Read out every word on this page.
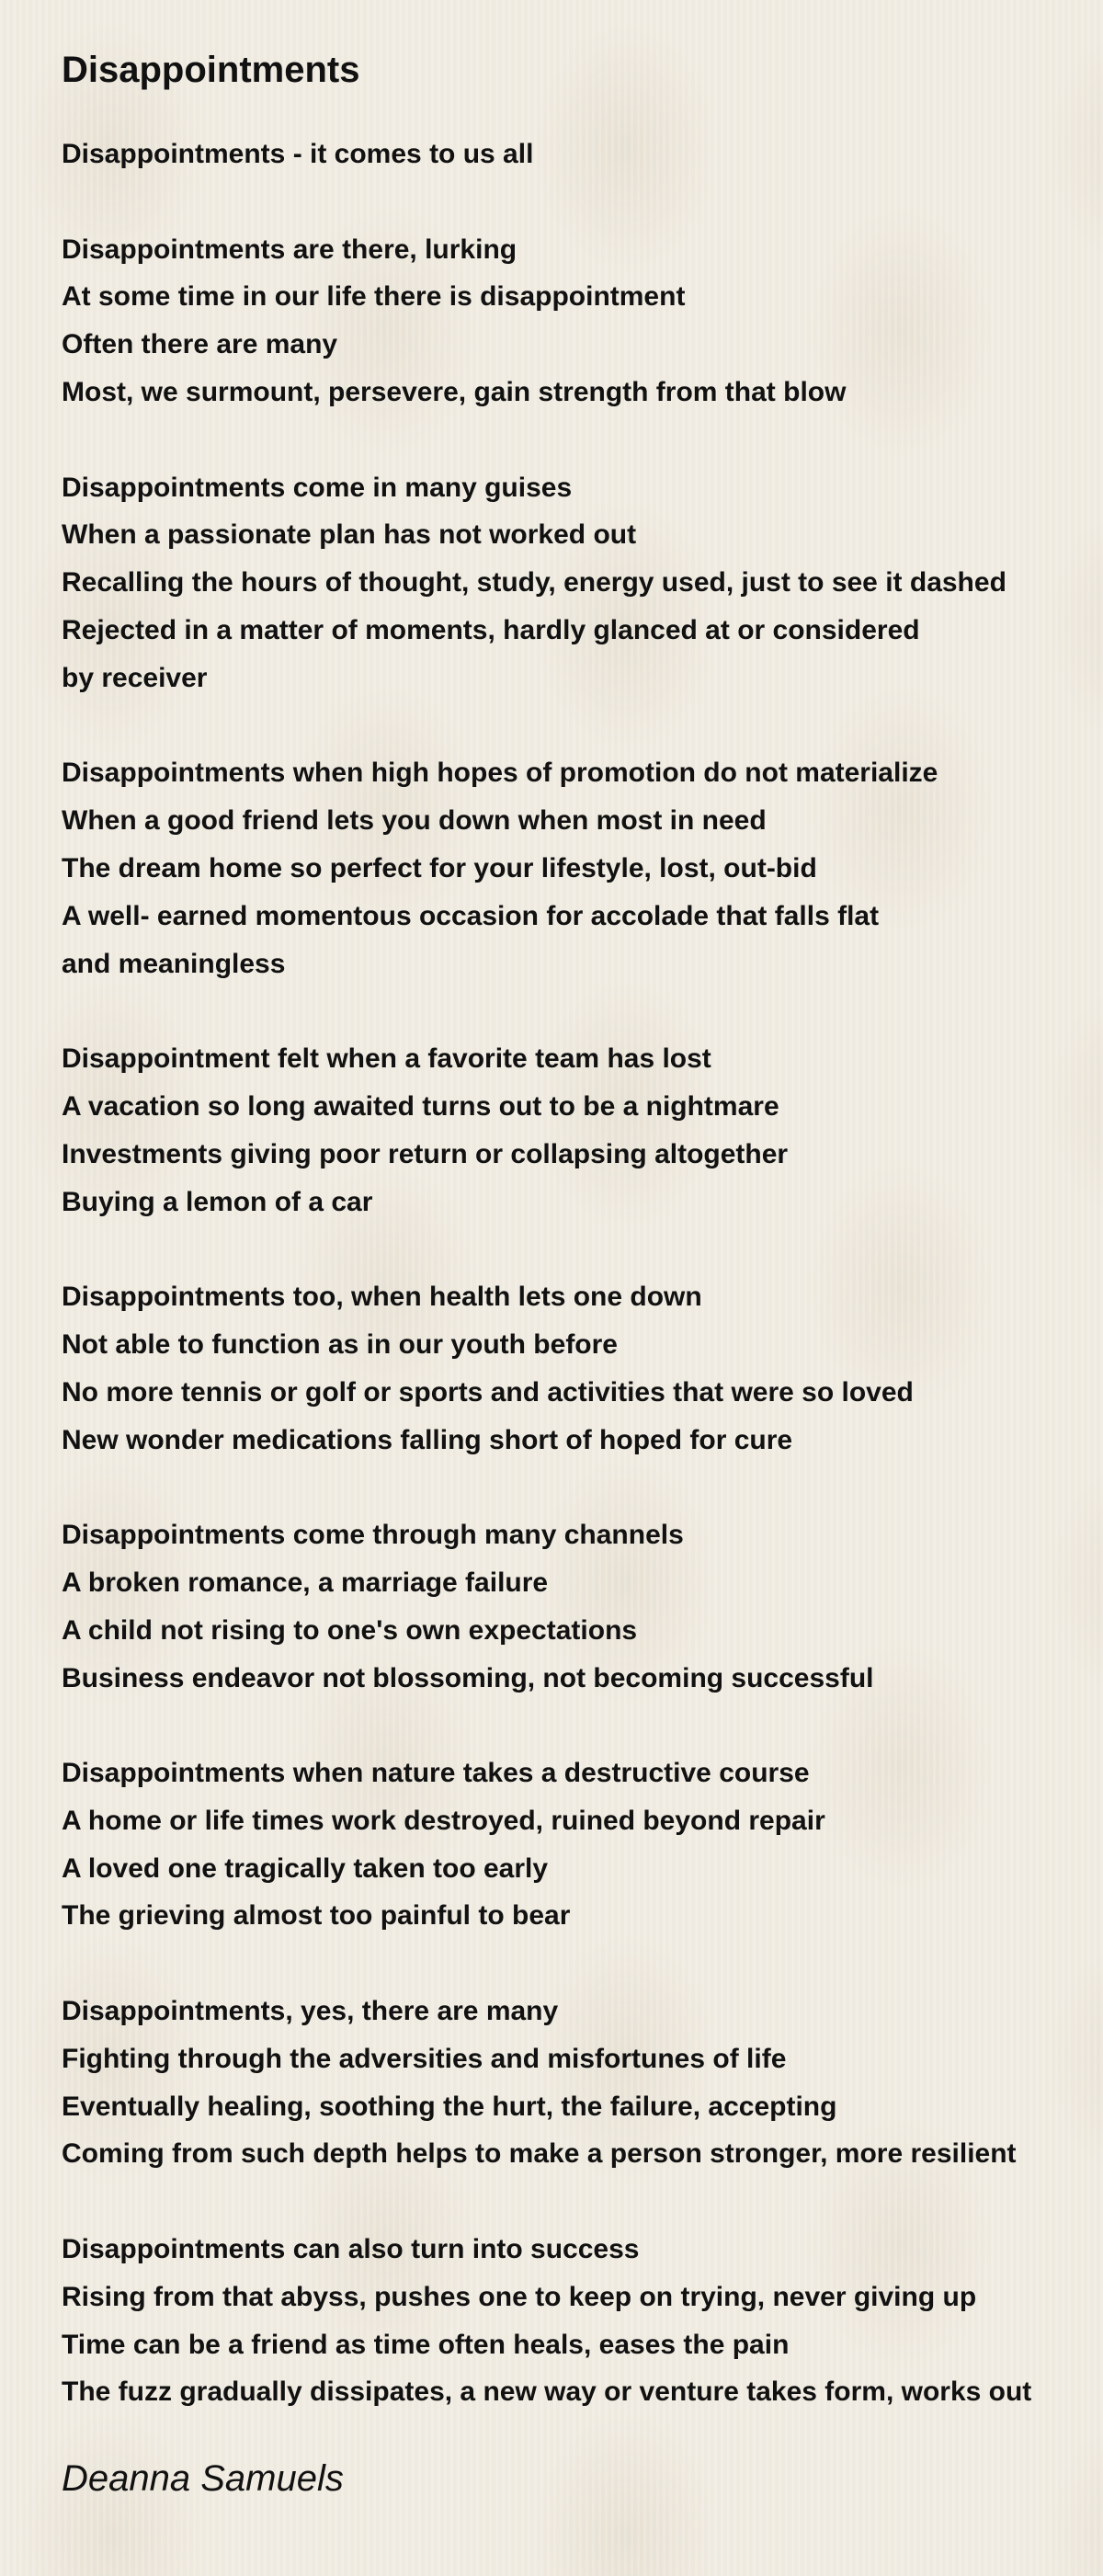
Disappointments
Disappointments - it comes to us all
Disappointments are there, lurking
At some time in our life there is disappointment
Often there are many
Most, we surmount, persevere, gain strength from that blow
Disappointments come in many guises
When a passionate plan has not worked out
Recalling the hours of thought, study, energy used, just to see it dashed
Rejected in a matter of moments, hardly glanced at or considered
by receiver
Disappointments when high hopes of promotion do not materialize
When a good friend lets you down when most in need
The dream home so perfect for your lifestyle, lost, out-bid
A well- earned momentous occasion for accolade that falls flat
and meaningless
Disappointment felt when a favorite team has lost
A vacation so long awaited turns out to be a nightmare
Investments giving poor return or collapsing altogether
Buying a lemon of a car
Disappointments too, when health lets one down
Not able to function as in our youth before
No more tennis or golf or sports and activities that were so loved
New wonder medications falling short of hoped for cure
Disappointments come through many channels
A broken romance, a marriage failure
A child not rising to one's own expectations
Business endeavor not blossoming, not becoming successful
Disappointments when nature takes a destructive course
A home or life times work destroyed, ruined beyond repair
A loved one tragically taken too early
The grieving almost too painful to bear
Disappointments, yes, there are many
Fighting through the adversities and misfortunes of life
Eventually healing, soothing the hurt, the failure, accepting
Coming from such depth helps to make a person stronger, more resilient
Disappointments can also turn into success
Rising from that abyss, pushes one to keep on trying, never giving up
Time can be a friend as time often heals, eases the pain
The fuzz gradually dissipates, a new way or venture takes form, works out
Deanna Samuels
